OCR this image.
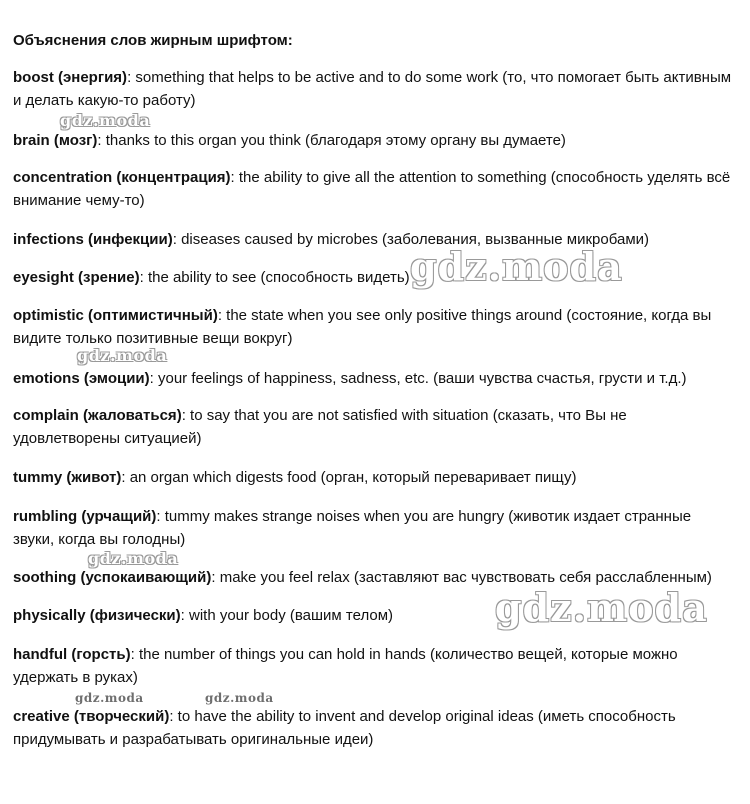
Объяснения слов жирным шрифтом:
boost (энергия): something that helps to be active and to do some work (то, что помогает быть активным и делать какую-то работу)
brain (мозг): thanks to this organ you think (благодаря этому органу вы думаете)
concentration (концентрация): the ability to give all the attention to something (способность уделять всё внимание чему-то)
infections (инфекции): diseases caused by microbes (заболевания, вызванные микробами)
eyesight (зрение): the ability to see (способность видеть)
optimistic (оптимистичный): the state when you see only positive things around (состояние, когда вы видите только позитивные вещи вокруг)
emotions (эмоции): your feelings of happiness, sadness, etc. (ваши чувства счастья, грусти и т.д.)
complain (жаловаться): to say that you are not satisfied with situation (сказать, что Вы не удовлетворены ситуацией)
tummy (живот): an organ which digests food (орган, который переваривает пищу)
rumbling (урчащий): tummy makes strange noises when you are hungry (животик издает странные звуки, когда вы голодны)
soothing (успокаивающий): make you feel relax (заставляют вас чувствовать себя расслабленным)
physically (физически): with your body (вашим телом)
handful (горсть): the number of things you can hold in hands (количество вещей, которые можно удержать в руках)
creative (творческий): to have the ability to invent and develop original ideas (иметь способность придумывать и разрабатывать оригинальные идеи)
gdz.moda
gdz.moda
gdz.moda
gdz.moda
gdz.moda
gdz.moda	gdz.moda
